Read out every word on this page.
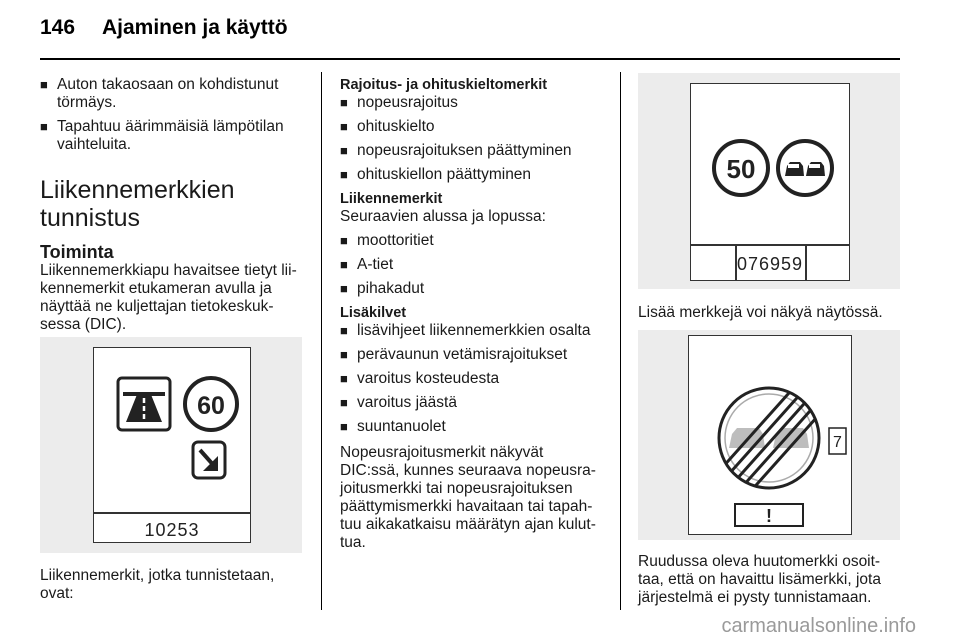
146 Ajaminen ja käyttö

■ Auton takaosaan on kohdistunut törmäys.

■ Tapahtuu äärimmäisiä lämpötilan vaihteluita.

Liikennemerkkien

tunnistus

Toiminta

Liikennemerkkiapu havaitsee tietyt lii-

kennemerkit etukameran avulla ja

näyttää ne kuljettajan tietokeskuk-

sessa (DIC).

60
10253

Liikennemerkit, jotka tunnistetaan,

ovat:

Rajoitus- ja ohituskieltomerkit

■ nopeusrajoitus

■ ohituskielto

■ nopeusrajoituksen päättyminen

■ ohituskiellon päättyminen

Liikennemerkit

Seuraavien alussa ja lopussa:

■ moottoritiet

■ A-tiet

■ pihakadut

Lisäkilvet

■ lisävihjeet liikennemerkkien osalta

■ perävaunun vetämisrajoitukset

■ varoitus kosteudesta

■ varoitus jäästä

■ suuntanuolet

Nopeusrajoitusmerkit näkyvät

DIC:ssä, kunnes seuraava nopeusra-

joitusmerkki tai nopeusrajoituksen

päättymismerkki havaitaan tai tapah-

tuu aikakatkaisu määrätyn ajan kulut-

tua.

50
076959

Lisää merkkejä voi näkyä näytössä.

7
!

Ruudussa oleva huutomerkki osoit-

taa, että on havaittu lisämerkki, jota

järjestelmä ei pysty tunnistamaan.

carmanualsonline.info
